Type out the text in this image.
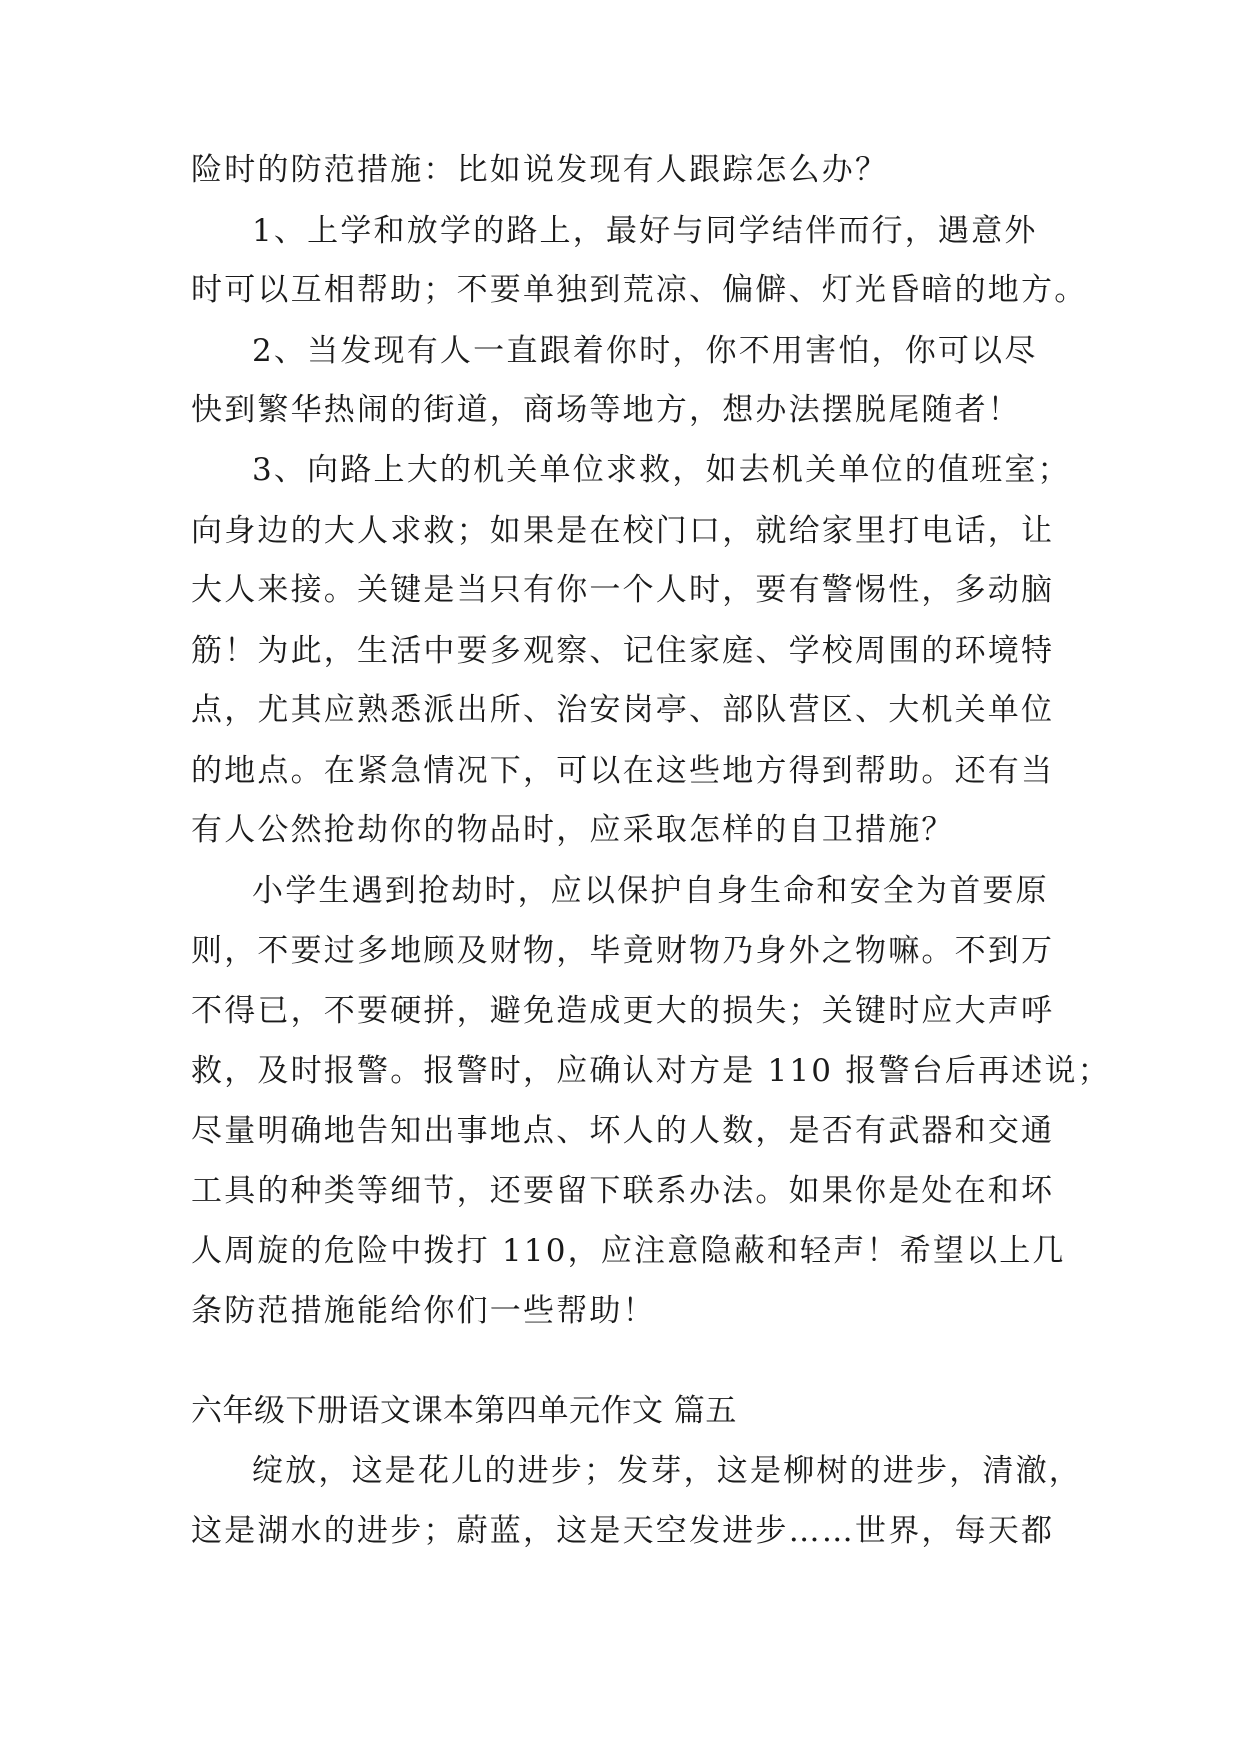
险时的防范措施：比如说发现有人跟踪怎么办？
1、上学和放学的路上，最好与同学结伴而行，遇意外
时可以互相帮助；不要单独到荒凉、偏僻、灯光昏暗的地方。
2、当发现有人一直跟着你时，你不用害怕，你可以尽
快到繁华热闹的街道，商场等地方，想办法摆脱尾随者！
3、向路上大的机关单位求救，如去机关单位的值班室；
向身边的大人求救；如果是在校门口，就给家里打电话，让
大人来接。关键是当只有你一个人时，要有警惕性，多动脑
筋！为此，生活中要多观察、记住家庭、学校周围的环境特
点，尤其应熟悉派出所、治安岗亭、部队营区、大机关单位
的地点。在紧急情况下，可以在这些地方得到帮助。还有当
有人公然抢劫你的物品时，应采取怎样的自卫措施？
小学生遇到抢劫时，应以保护自身生命和安全为首要原
则，不要过多地顾及财物，毕竟财物乃身外之物嘛。不到万
不得已，不要硬拼，避免造成更大的损失；关键时应大声呼
救，及时报警。报警时，应确认对方是 110 报警台后再述说；
尽量明确地告知出事地点、坏人的人数，是否有武器和交通
工具的种类等细节，还要留下联系办法。如果你是处在和坏
人周旋的危险中拨打 110，应注意隐蔽和轻声！希望以上几
条防范措施能给你们一些帮助！
六年级下册语文课本第四单元作文 篇五
绽放，这是花儿的进步；发芽，这是柳树的进步，清澈，
这是湖水的进步；蔚蓝，这是天空发进步……世界，每天都
